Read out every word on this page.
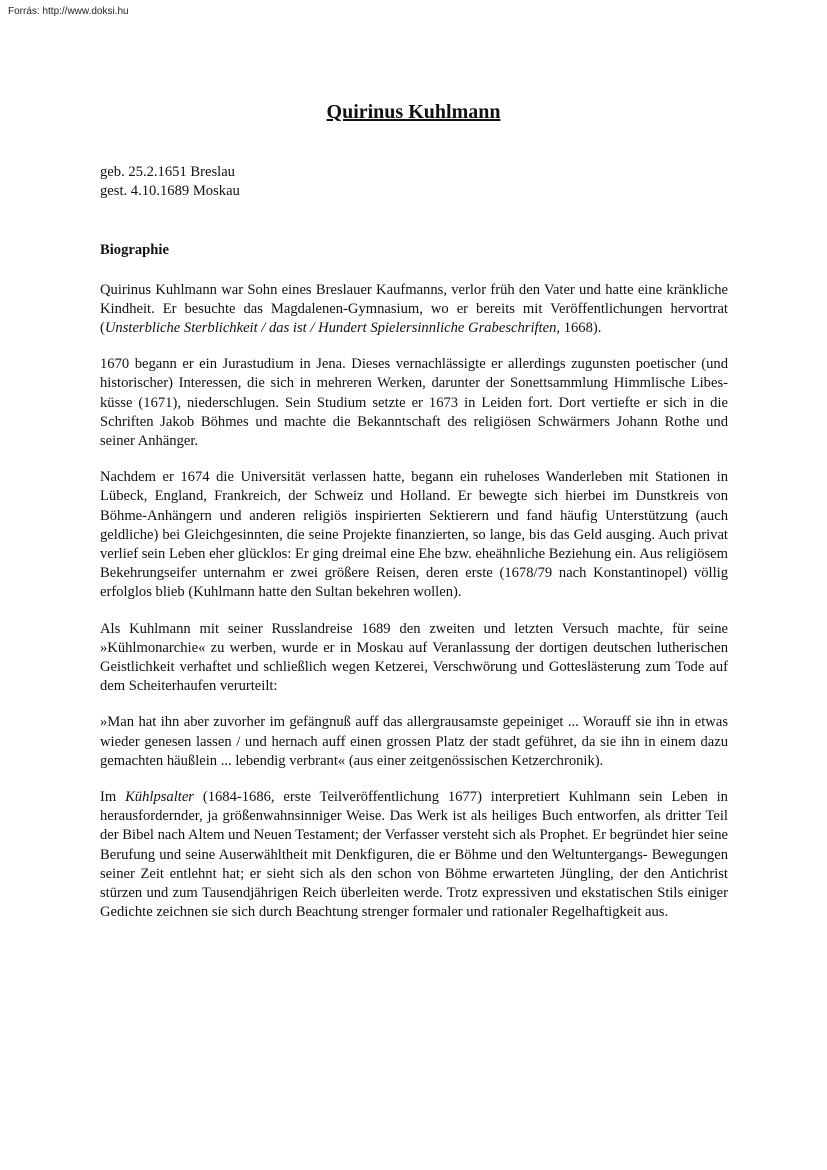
Forrás: http://www.doksi.hu
Quirinus Kuhlmann

geb. 25.2.1651 Breslau

gest. 4.10.1689 Moskau

Biographie

Quirinus Kuhlmann war Sohn eines Breslauer Kaufmanns, verlor früh den Vater und hatte eine kränkliche Kindheit. Er besuchte das Magdalenen-Gymnasium, wo er bereits mit Veröffentlichungen hervortrat (Unsterbliche Sterblichkeit / das ist / Hundert Spielersinnliche Grabeschriften, 1668).

1670 begann er ein Jurastudium in Jena. Dieses vernachlässigte er allerdings zugunsten poetischer (und historischer) Interessen, die sich in mehreren Werken, darunter der Sonettsammlung Himmlische Libes-küsse (1671), niederschlugen. Sein Studium setzte er 1673 in Leiden fort. Dort vertiefte er sich in die Schriften Jakob Böhmes und machte die Bekanntschaft des religiösen Schwärmers Johann Rothe und seiner Anhänger.

Nachdem er 1674 die Universität verlassen hatte, begann ein ruheloses Wanderleben mit Stationen in Lübeck, England, Frankreich, der Schweiz und Holland. Er bewegte sich hierbei im Dunstkreis von Böhme-Anhängern und anderen religiös inspirierten Sektierern und fand häufig Unterstützung (auch geldliche) bei Gleichgesinnten, die seine Projekte finanzierten, so lange, bis das Geld ausging. Auch privat verlief sein Leben eher glücklos: Er ging dreimal eine Ehe bzw. eheähnliche Beziehung ein. Aus religiösem Bekehrungseifer unternahm er zwei größere Reisen, deren erste (1678/79 nach Konstantinopel) völlig erfolglos blieb (Kuhlmann hatte den Sultan bekehren wollen).

Als Kuhlmann mit seiner Russlandreise 1689 den zweiten und letzten Versuch machte, für seine »Kühlmonarchie« zu werben, wurde er in Moskau auf Veranlassung der dortigen deutschen lutherischen Geistlichkeit verhaftet und schließlich wegen Ketzerei, Verschwörung und Gotteslästerung zum Tode auf dem Scheiterhaufen verurteilt:

»Man hat ihn aber zuvorher im gefängnuß auff das allergrausamste gepeiniget ... Worauff sie ihn in etwas wieder genesen lassen / und hernach auff einen grossen Platz der stadt geführet, da sie ihn in einem dazu gemachten häußlein ... lebendig verbrant« (aus einer zeitgenössischen Ketzerchronik).

Im Kühlpsalter (1684-1686, erste Teilveröffentlichung 1677) interpretiert Kuhlmann sein Leben in herausfordernder, ja größenwahnsinniger Weise. Das Werk ist als heiliges Buch entworfen, als dritter Teil der Bibel nach Altem und Neuen Testament; der Verfasser versteht sich als Prophet. Er begründet hier seine Berufung und seine Auserwähltheit mit Denkfiguren, die er Böhme und den Weltuntergangs- Bewegungen seiner Zeit entlehnt hat; er sieht sich als den schon von Böhme erwarteten Jüngling, der den Antichrist stürzen und zum Tausendjährigen Reich überleiten werde. Trotz expressiven und ekstatischen Stils einiger Gedichte zeichnen sie sich durch Beachtung strenger formaler und rationaler Regelhaftigkeit aus.
